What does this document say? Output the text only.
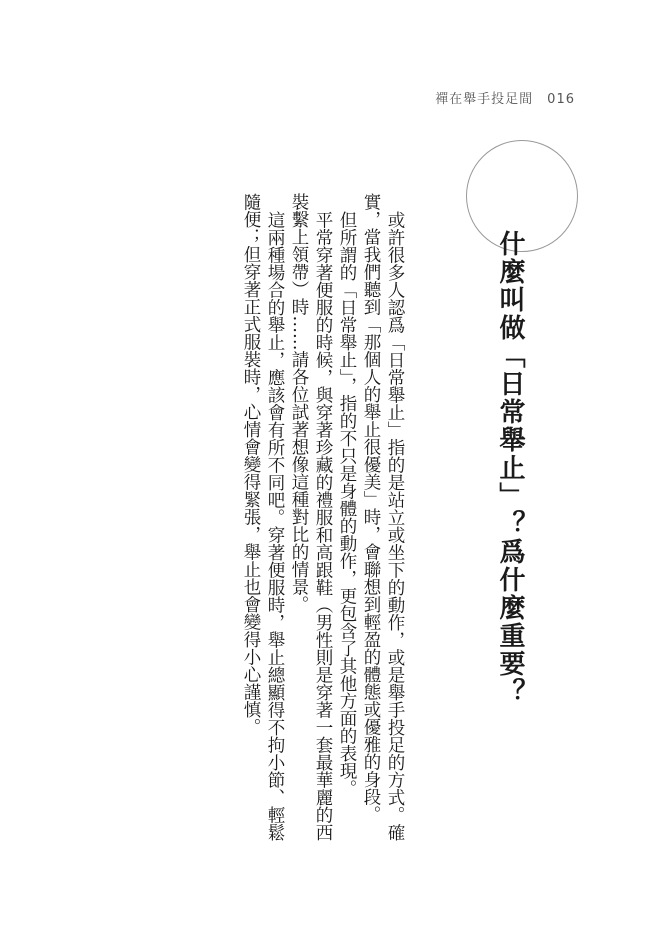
禪在舉手投足間 016
什麼叫做「日常舉止」？爲什麼重要？

或許很多人認爲「日常舉止」指的是站立或坐下的動作，或是舉手投足的方式。確實，當我們聽到「那個人的舉止很優美」時，會聯想到輕盈的體態或優雅的身段。

但所謂的「日常舉止」，指的不只是身體的動作，更包含了其他方面的表現。

平常穿著便服的時候，與穿著珍藏的禮服和高跟鞋（男性則是穿著一套最華麗的西裝繫上領帶）時……請各位試著想像這種對比的情景。

這兩種場合的舉止，應該會有所不同吧。穿著便服時，舉止總顯得不拘小節、輕鬆隨便；但穿著正式服裝時，心情會變得緊張，舉止也會變得小心謹慎。
